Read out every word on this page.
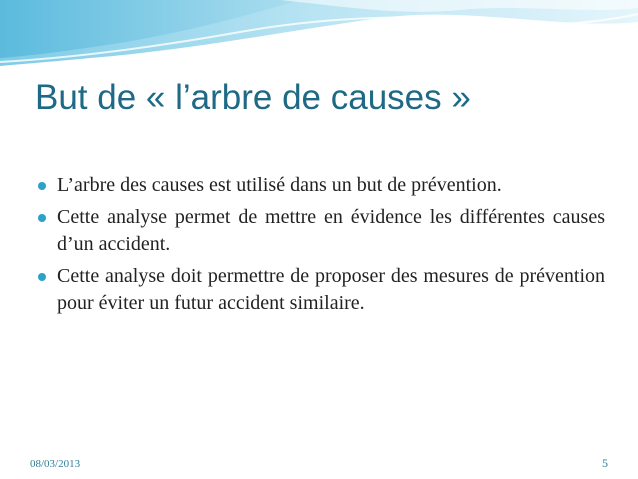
But de « l’arbre de causes »
L’arbre des causes est utilisé dans un but de prévention.
Cette analyse permet de mettre en évidence les différentes causes d’un accident.
Cette analyse doit permettre de proposer des mesures de prévention pour éviter un futur accident similaire.
08/03/2013	5
